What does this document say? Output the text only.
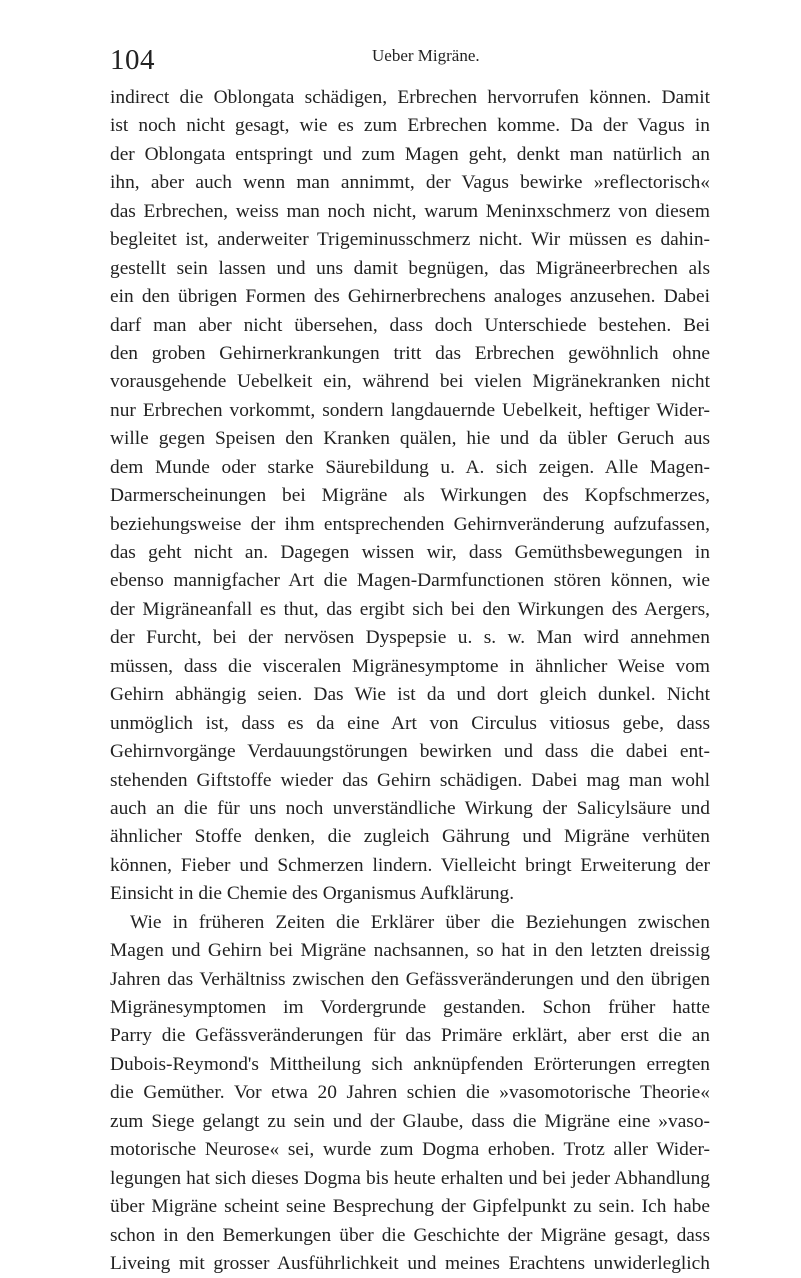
104	Ueber Migräne.
indirect die Oblongata schädigen, Erbrechen hervorrufen können. Damit
ist noch nicht gesagt, wie es zum Erbrechen komme. Da der Vagus in
der Oblongata entspringt und zum Magen geht, denkt man natürlich an
ihn, aber auch wenn man annimmt, der Vagus bewirke »reflectorisch«
das Erbrechen, weiss man noch nicht, warum Meninxschmerz von diesem
begleitet ist, anderweiter Trigeminusschmerz nicht. Wir müssen es dahin-
gestellt sein lassen und uns damit begnügen, das Migräneerbrechen als
ein den übrigen Formen des Gehirnerbrechens analoges anzusehen. Dabei
darf man aber nicht übersehen, dass doch Unterschiede bestehen. Bei
den groben Gehirnerkrankungen tritt das Erbrechen gewöhnlich ohne
vorausgehende Uebelkeit ein, während bei vielen Migränekranken nicht
nur Erbrechen vorkommt, sondern langdauernde Uebelkeit, heftiger Wider-
wille gegen Speisen den Kranken quälen, hie und da übler Geruch aus
dem Munde oder starke Säurebildung u. A. sich zeigen. Alle Magen-
Darmerscheinungen bei Migräne als Wirkungen des Kopfschmerzes,
beziehungsweise der ihm entsprechenden Gehirnveränderung aufzufassen,
das geht nicht an. Dagegen wissen wir, dass Gemüthsbewegungen in
ebenso mannigfacher Art die Magen-Darmfunctionen stören können, wie
der Migräneanfall es thut, das ergibt sich bei den Wirkungen des Aergers,
der Furcht, bei der nervösen Dyspepsie u. s. w. Man wird annehmen
müssen, dass die visceralen Migränesymptome in ähnlicher Weise vom
Gehirn abhängig seien. Das Wie ist da und dort gleich dunkel. Nicht
unmöglich ist, dass es da eine Art von Circulus vitiosus gebe, dass
Gehirnvorgänge Verdauungstörungen bewirken und dass die dabei ent-
stehenden Giftstoffe wieder das Gehirn schädigen. Dabei mag man wohl
auch an die für uns noch unverständliche Wirkung der Salicylsäure und
ähnlicher Stoffe denken, die zugleich Gährung und Migräne verhüten
können, Fieber und Schmerzen lindern. Vielleicht bringt Erweiterung der
Einsicht in die Chemie des Organismus Aufklärung.
Wie in früheren Zeiten die Erklärer über die Beziehungen zwischen
Magen und Gehirn bei Migräne nachsannen, so hat in den letzten dreissig
Jahren das Verhältniss zwischen den Gefässveränderungen und den übrigen
Migränesymptomen im Vordergrunde gestanden. Schon früher hatte
Parry die Gefässveränderungen für das Primäre erklärt, aber erst die an
Dubois-Reymond's Mittheilung sich anknüpfenden Erörterungen erregten
die Gemüther. Vor etwa 20 Jahren schien die »vasomotorische Theorie«
zum Siege gelangt zu sein und der Glaube, dass die Migräne eine »vaso-
motorische Neurose« sei, wurde zum Dogma erhoben. Trotz aller Wider-
legungen hat sich dieses Dogma bis heute erhalten und bei jeder Abhandlung
über Migräne scheint seine Besprechung der Gipfelpunkt zu sein. Ich habe
schon in den Bemerkungen über die Geschichte der Migräne gesagt, dass
Liveing mit grosser Ausführlichkeit und meines Erachtens unwiderleglich
